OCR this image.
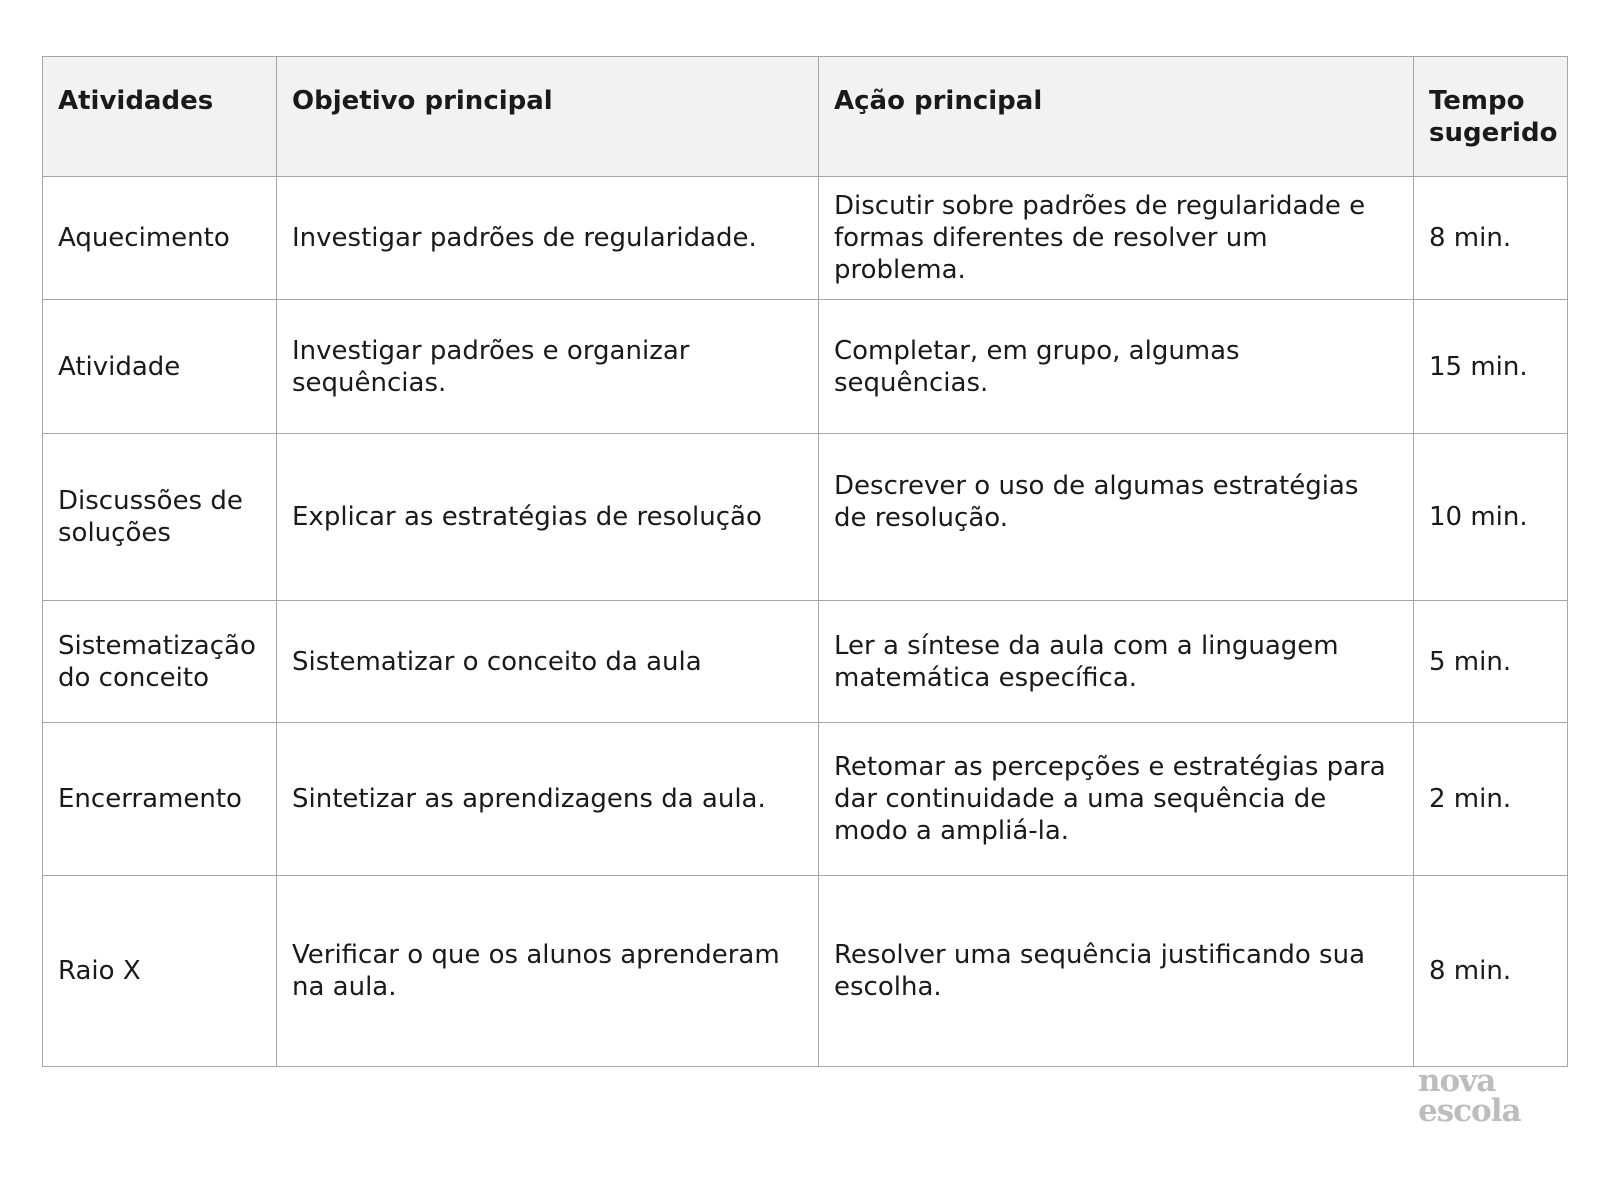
Atividades	Objetivo principal	Ação principal	Tempo sugerido
Aquecimento	Investigar padrões de regularidade.	Discutir sobre padrões de regularidade e formas diferentes de resolver um problema.	8 min.
Atividade	Investigar padrões e organizar sequências.	Completar, em grupo, algumas sequências.	15 min.
Discussões de soluções	Explicar as estratégias de resolução	Descrever o uso de algumas estratégias de resolução.	10 min.
Sistematização do conceito	Sistematizar o conceito da aula	Ler a síntese da aula com a linguagem matemática específica.	5 min.
Encerramento	Sintetizar as aprendizagens da aula.	Retomar as percepções e estratégias para dar continuidade a uma sequência de modo a ampliá-la.	2 min.
Raio X	Verificar o que os alunos aprenderam na aula.	Resolver uma sequência justificando sua escolha.	8 min.
nova
escola
